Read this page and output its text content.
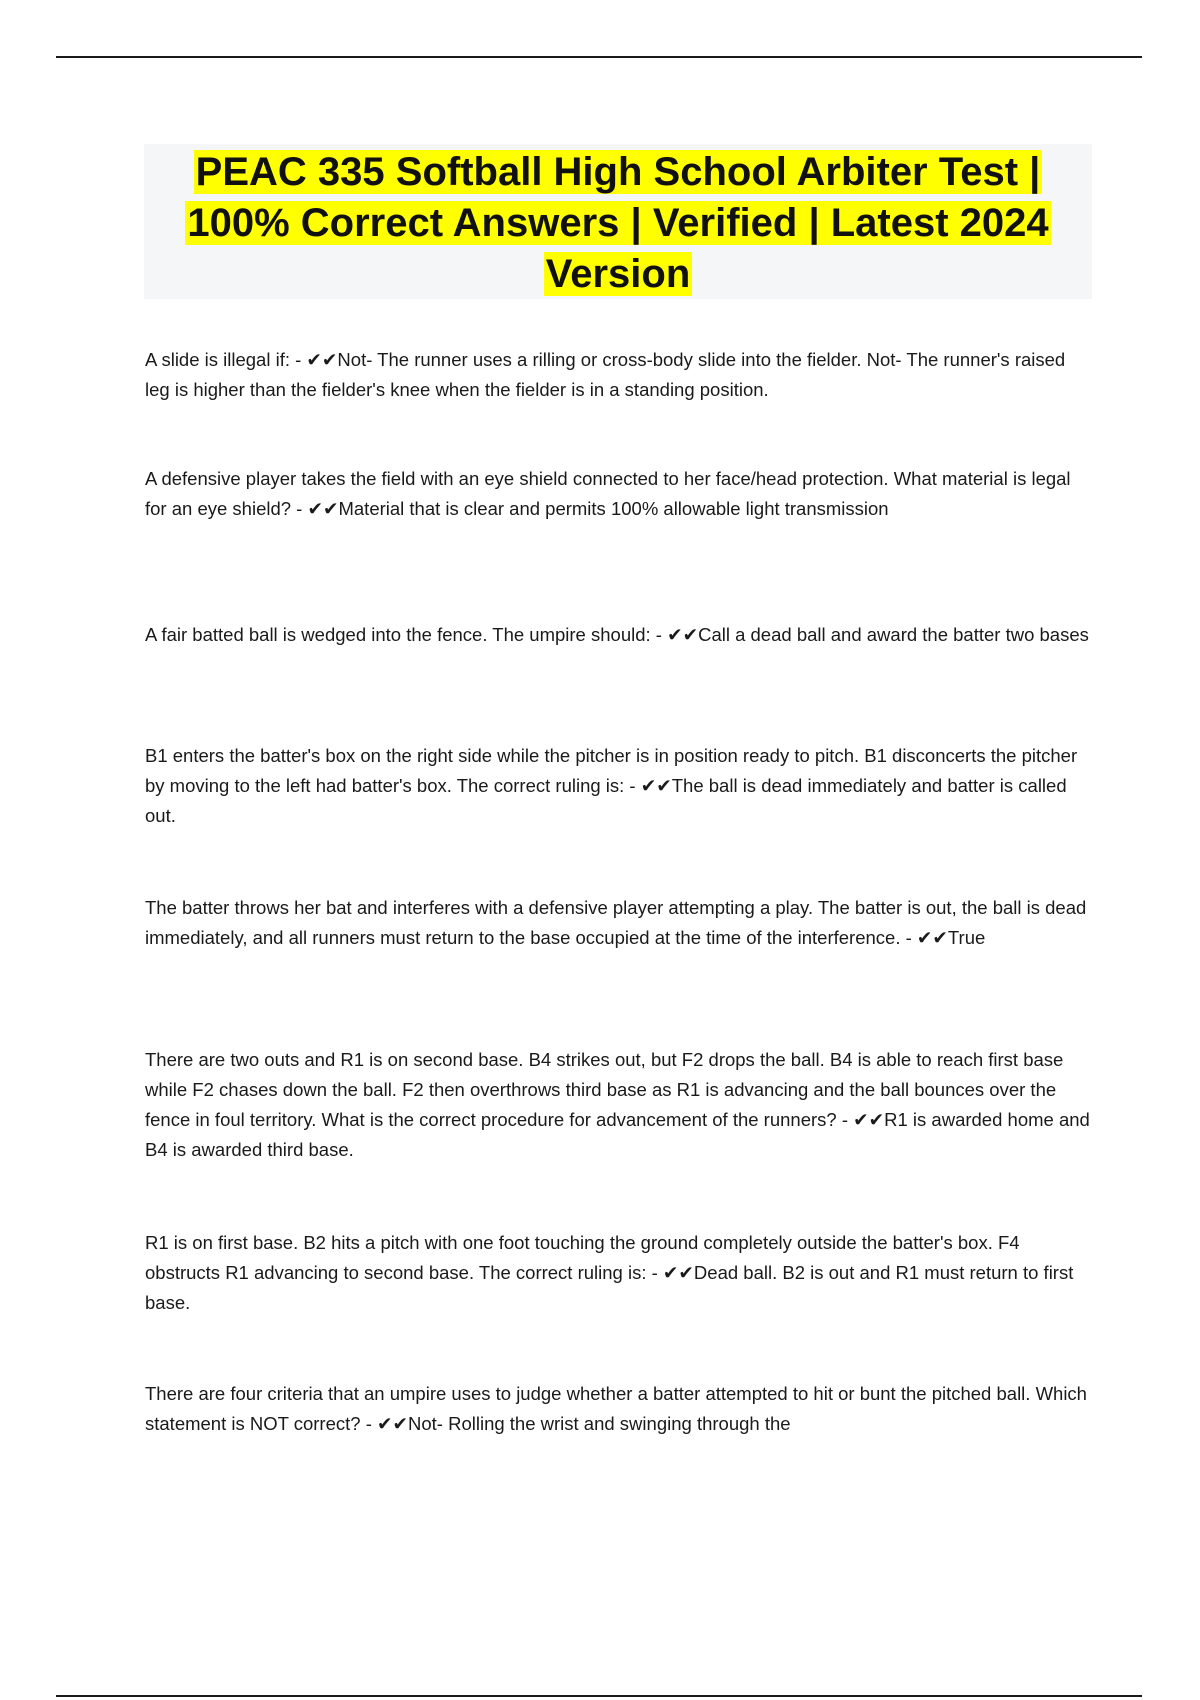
PEAC 335 Softball High School Arbiter Test | 100% Correct Answers | Verified | Latest 2024 Version

A slide is illegal if: - ✔✔Not- The runner uses a rilling or cross-body slide into the fielder. Not- The runner's raised leg is higher than the fielder's knee when the fielder is in a standing position.

A defensive player takes the field with an eye shield connected to her face/head protection. What material is legal for an eye shield? - ✔✔Material that is clear and permits 100% allowable light transmission

A fair batted ball is wedged into the fence. The umpire should: - ✔✔Call a dead ball and award the batter two bases

B1 enters the batter's box on the right side while the pitcher is in position ready to pitch. B1 disconcerts the pitcher by moving to the left had batter's box. The correct ruling is: - ✔✔The ball is dead immediately and batter is called out.

The batter throws her bat and interferes with a defensive player attempting a play. The batter is out, the ball is dead immediately, and all runners must return to the base occupied at the time of the interference. - ✔✔True

There are two outs and R1 is on second base. B4 strikes out, but F2 drops the ball. B4 is able to reach first base while F2 chases down the ball. F2 then overthrows third base as R1 is advancing and the ball bounces over the fence in foul territory. What is the correct procedure for advancement of the runners? - ✔✔R1 is awarded home and B4 is awarded third base.

R1 is on first base. B2 hits a pitch with one foot touching the ground completely outside the batter's box. F4 obstructs R1 advancing to second base. The correct ruling is: - ✔✔Dead ball. B2 is out and R1 must return to first base.

There are four criteria that an umpire uses to judge whether a batter attempted to hit or bunt the pitched ball. Which statement is NOT correct? - ✔✔Not- Rolling the wrist and swinging through the
